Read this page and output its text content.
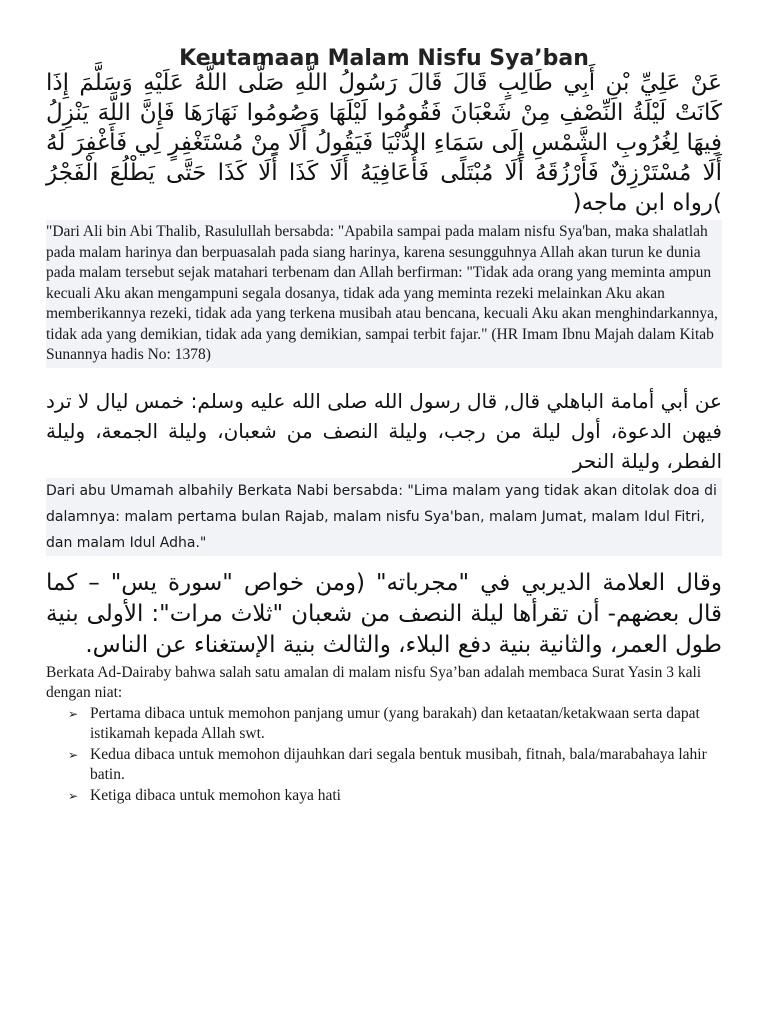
Keutamaan Malam Nisfu Sya’ban

عَنْ عَلِيِّ بْنِ أَبِي طَالِبٍ قَالَ قَالَ رَسُولُ اللَّهِ صَلَّى اللَّهُ عَلَيْهِ وَسَلَّمَ إِذَا كَانَتْ لَيْلَةُ النِّصْفِ مِنْ شَعْبَانَ فَقُومُوا لَيْلَهَا وَصُومُوا نَهَارَهَا فَإِنَّ اللَّهَ يَنْزِلُ فِيهَا لِغُرُوبِ الشَّمْسِ إِلَى سَمَاءِ الدُّنْيَا فَيَقُولُ أَلَا مِنْ مُسْتَغْفِرٍ لِي فَأَغْفِرَ لَهُ أَلَا مُسْتَرْزِقٌ فَأَرْزُقَهُ أَلَا مُبْتَلًى فَأُعَافِيَهُ أَلَا كَذَا أَلَا كَذَا حَتَّى يَطْلُعَ الْفَجْرُ )رواه ابن ماجه(

"Dari Ali bin Abi Thalib, Rasulullah bersabda: "Apabila sampai pada malam nisfu Sya'ban, maka shalatlah pada malam harinya dan berpuasalah pada siang harinya, karena sesungguhnya Allah akan turun ke dunia pada malam tersebut sejak matahari terbenam dan Allah berfirman: "Tidak ada orang yang meminta ampun kecuali Aku akan mengampuni segala dosanya, tidak ada yang meminta rezeki melainkan Aku akan memberikannya rezeki, tidak ada yang terkena musibah atau bencana, kecuali Aku akan menghindarkannya, tidak ada yang demikian, tidak ada yang demikian, sampai terbit fajar." (HR Imam Ibnu Majah dalam Kitab Sunannya hadis No: 1378)

عن أبي أمامة الباهلي قال, قال رسول الله صلى الله عليه وسلم: خمس ليال لا ترد فيهن الدعوة، أول ليلة من رجب، وليلة النصف من شعبان، وليلة الجمعة، وليلة الفطر، وليلة النحر

Dari abu Umamah albahily Berkata Nabi bersabda: "Lima malam yang tidak akan ditolak doa di dalamnya: malam pertama bulan Rajab, malam nisfu Sya'ban, malam Jumat, malam Idul Fitri, dan malam Idul Adha."

وقال العلامة الديربي في "مجرباته" (ومن خواص "سورة يس" – كما قال بعضهم- أن تقرأها ليلة النصف من شعبان "ثلاث مرات": الأولى بنية طول العمر، والثانية بنية دفع البلاء، والثالث بنية الإستغناء عن الناس.

Berkata Ad-Dairaby bahwa salah satu amalan di malam nisfu Sya’ban adalah membaca Surat Yasin 3 kali dengan niat:
➢ Pertama dibaca untuk memohon panjang umur (yang barakah) dan ketaatan/ketakwaan serta dapat istikamah kepada Allah swt.
➢ Kedua dibaca untuk memohon dijauhkan dari segala bentuk musibah, fitnah, bala/marabahaya lahir batin.
➢ Ketiga dibaca untuk memohon kaya hati
